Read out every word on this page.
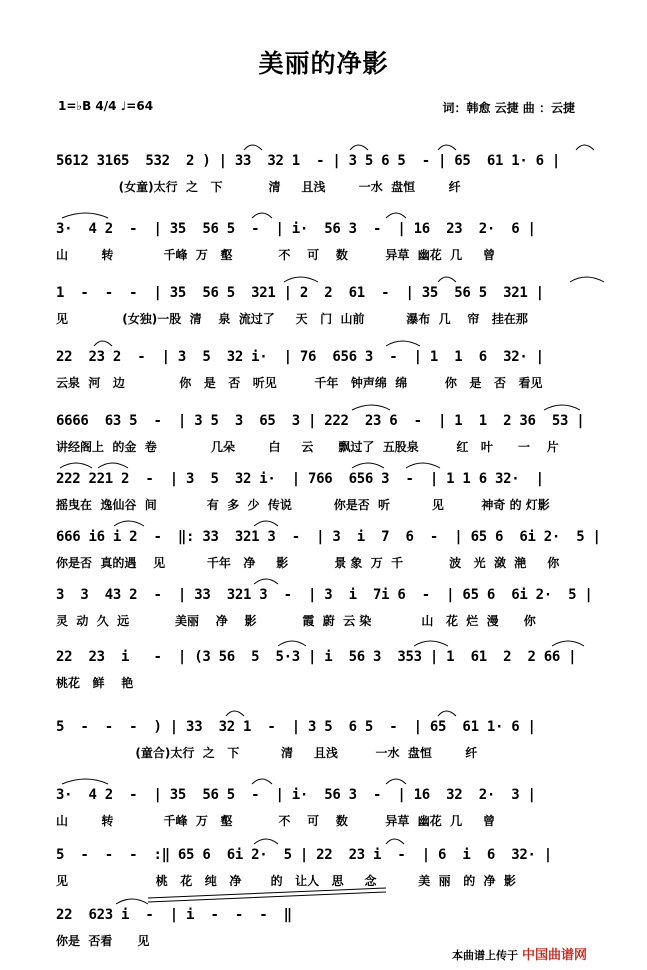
美丽的净影
1=♭B 4/4 ♩=64	词：韩愈 云捷 曲 ：云捷
5612 3165  532  2 ) | 33  32 1  - | 3 5 6 5  - | 65  61 1· 6 |
(女童)太行  之   下           清     且浅        一水  盘恒        纤
3·  4 2  -  | 35  56 5  -  | i·  56 3  -  | 16  23  2·  6 |
山        转            千峰  万   壑           不    可    数         异草  幽花  几     曾
1  -  -  -  | 35  56 5  321 | 2  2  61  -  | 35  56 5  321 |
见             (女独)一股  清    泉  流过了     天   门  山前          瀑布  几    帘   挂在那
22  23 2  -  | 3  5  32 i·  | 76  656 3  -  | 1  1  6  32· |
云泉  河   边             你   是   否   听见         千年   钟声绵  绵         你   是   否   看见
6666  63 5  -  | 3 5  3  65  3 | 222  23 6  -  | 1  1  2 36  53 |
讲经阁上  的金  卷             几朵        白     云      飘过了  五股泉         红   叶      一    片
222 221 2  -  | 3  5  32 i·  | 766  656 3  -  | 1 1 6 32·  |
摇曳在  逸仙谷  间            有  多  少  传说          你是否  听          见         神奇 的 灯影
666 i6 i 2  -  ‖: 33  321 3  -  | 3  i  7  6  -  | 65 6  6i 2·  5 |
你是否  真的遇    见          千年   净     影           景 象  万  千           波   光  潋  滟     你
3  3  43 2  -  | 33  321 3  -  | 3  i  7i 6  -  | 65 6  6i 2·  5 |
灵  动  久  远           美丽    净    影           霞  蔚  云 染            山   花  烂  漫      你
22  23  i   -  | (3 56  5  5·3 | i  56 3  353 | 1  61  2  2 66 |
桃花   鲜    艳
5  -  -  -  ) | 33  32 1  -  | 3 5  6 5  -  | 65  61 1· 6 |
(童合)太行  之   下          清     且浅         一水  盘恒        纤
3·  4 2  -  | 35  56 5  -  | i·  56 3  -  | 16  32  2·  3 |
山        转            千峰  万   壑           不    可    数         异草  幽花  几     曾
5  -  -  -  :‖ 65 6  6i 2·  5 | 22  23 i  -  | 6  i  6  32· |
见                     桃   花   纯   净       的   让人   思     念          美  丽   的  净  影
22  623 i  -  | i  -  -  -  ‖
你是  否看      见
本曲谱上传于 中国曲谱网
